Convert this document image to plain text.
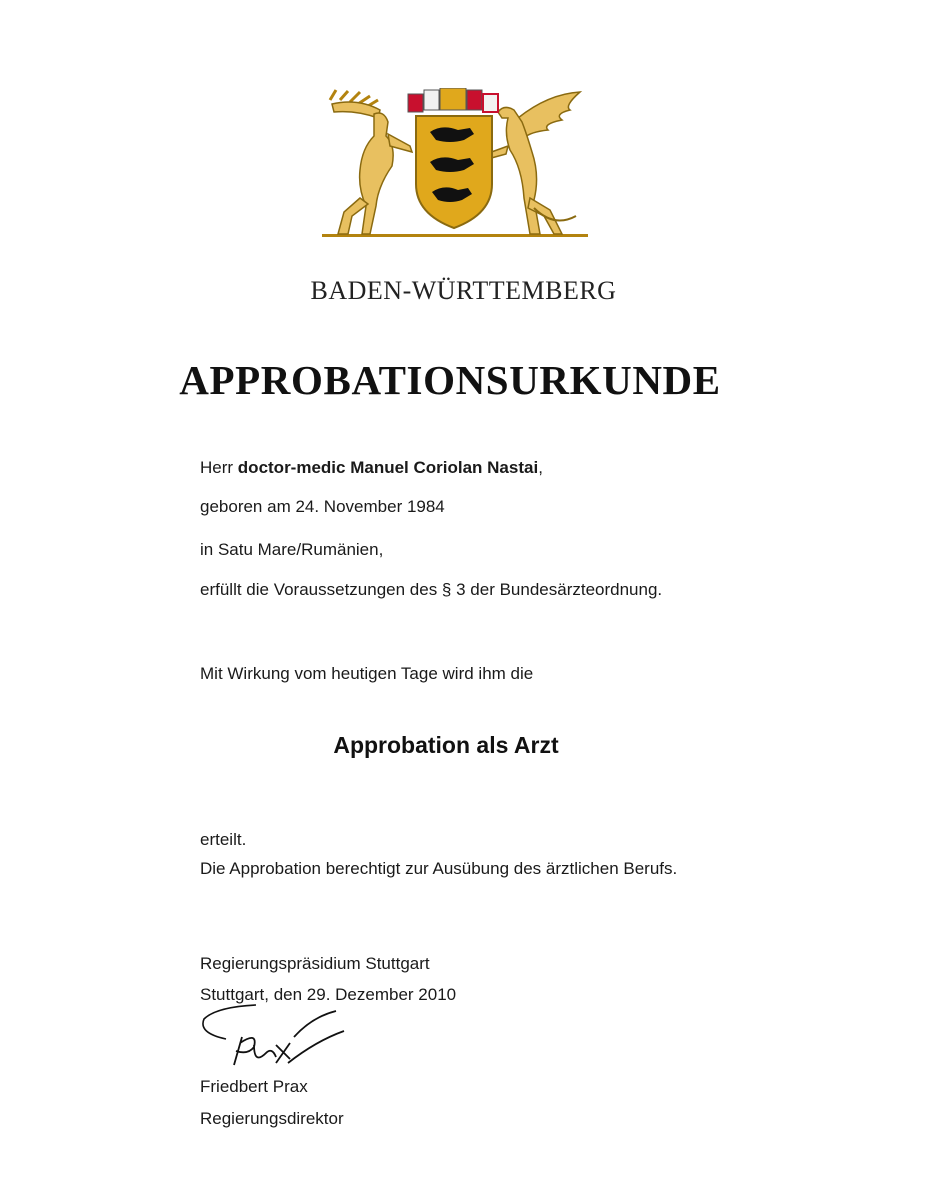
BADEN-WÜRTTEMBERG
APPROBATIONSURKUNDE
Herr doctor-medic Manuel Coriolan Nastai,
geboren am 24. November 1984
in Satu Mare/Rumänien,
erfüllt die Voraussetzungen des § 3 der Bundesärzteordnung.
Mit Wirkung vom heutigen Tage wird ihm die
Approbation als Arzt
erteilt.
Die Approbation berechtigt zur Ausübung des ärztlichen Berufs.
Regierungspräsidium Stuttgart
Stuttgart, den 29. Dezember 2010
Friedbert Prax
Regierungsdirektor
